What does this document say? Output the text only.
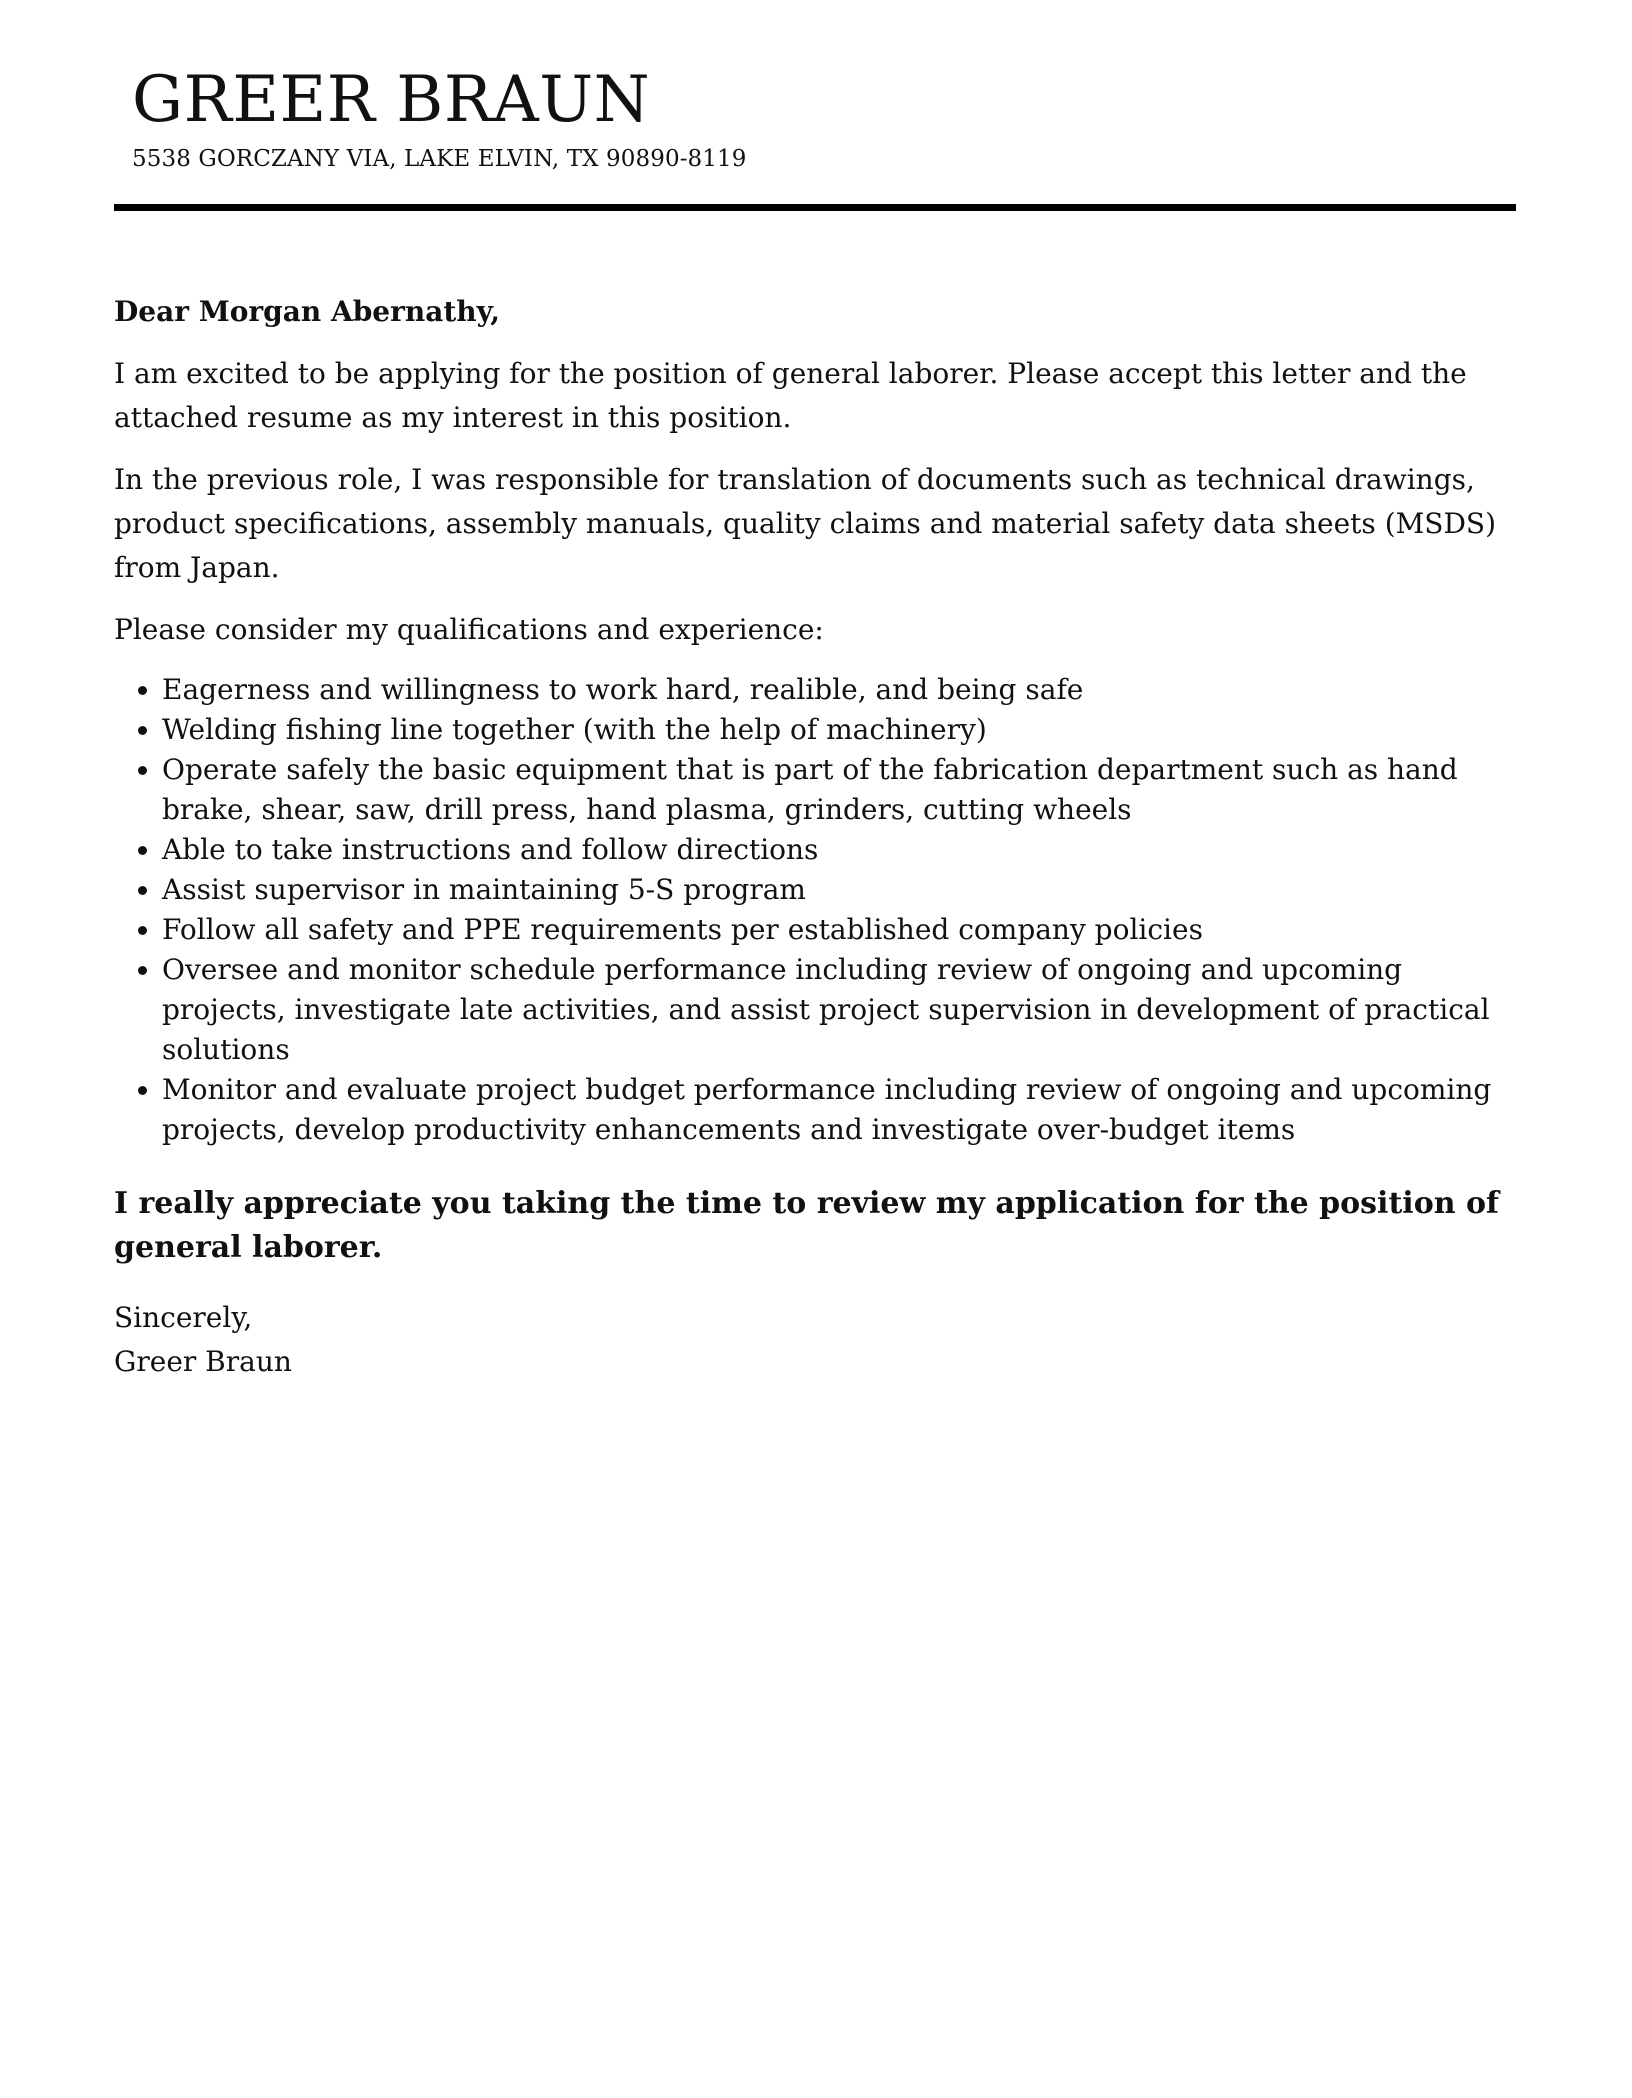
GREER BRAUN

5538 GORCZANY VIA, LAKE ELVIN, TX 90890-8119

Dear Morgan Abernathy,

I am excited to be applying for the position of general laborer. Please accept this letter and the attached resume as my interest in this position.

In the previous role, I was responsible for translation of documents such as technical drawings, product specifications, assembly manuals, quality claims and material safety data sheets (MSDS) from Japan.

Please consider my qualifications and experience:

• Eagerness and willingness to work hard, realible, and being safe
• Welding fishing line together (with the help of machinery)
• Operate safely the basic equipment that is part of the fabrication department such as hand brake, shear, saw, drill press, hand plasma, grinders, cutting wheels
• Able to take instructions and follow directions
• Assist supervisor in maintaining 5-S program
• Follow all safety and PPE requirements per established company policies
• Oversee and monitor schedule performance including review of ongoing and upcoming projects, investigate late activities, and assist project supervision in development of practical solutions
• Monitor and evaluate project budget performance including review of ongoing and upcoming projects, develop productivity enhancements and investigate over-budget items

I really appreciate you taking the time to review my application for the position of general laborer.

Sincerely,
Greer Braun
